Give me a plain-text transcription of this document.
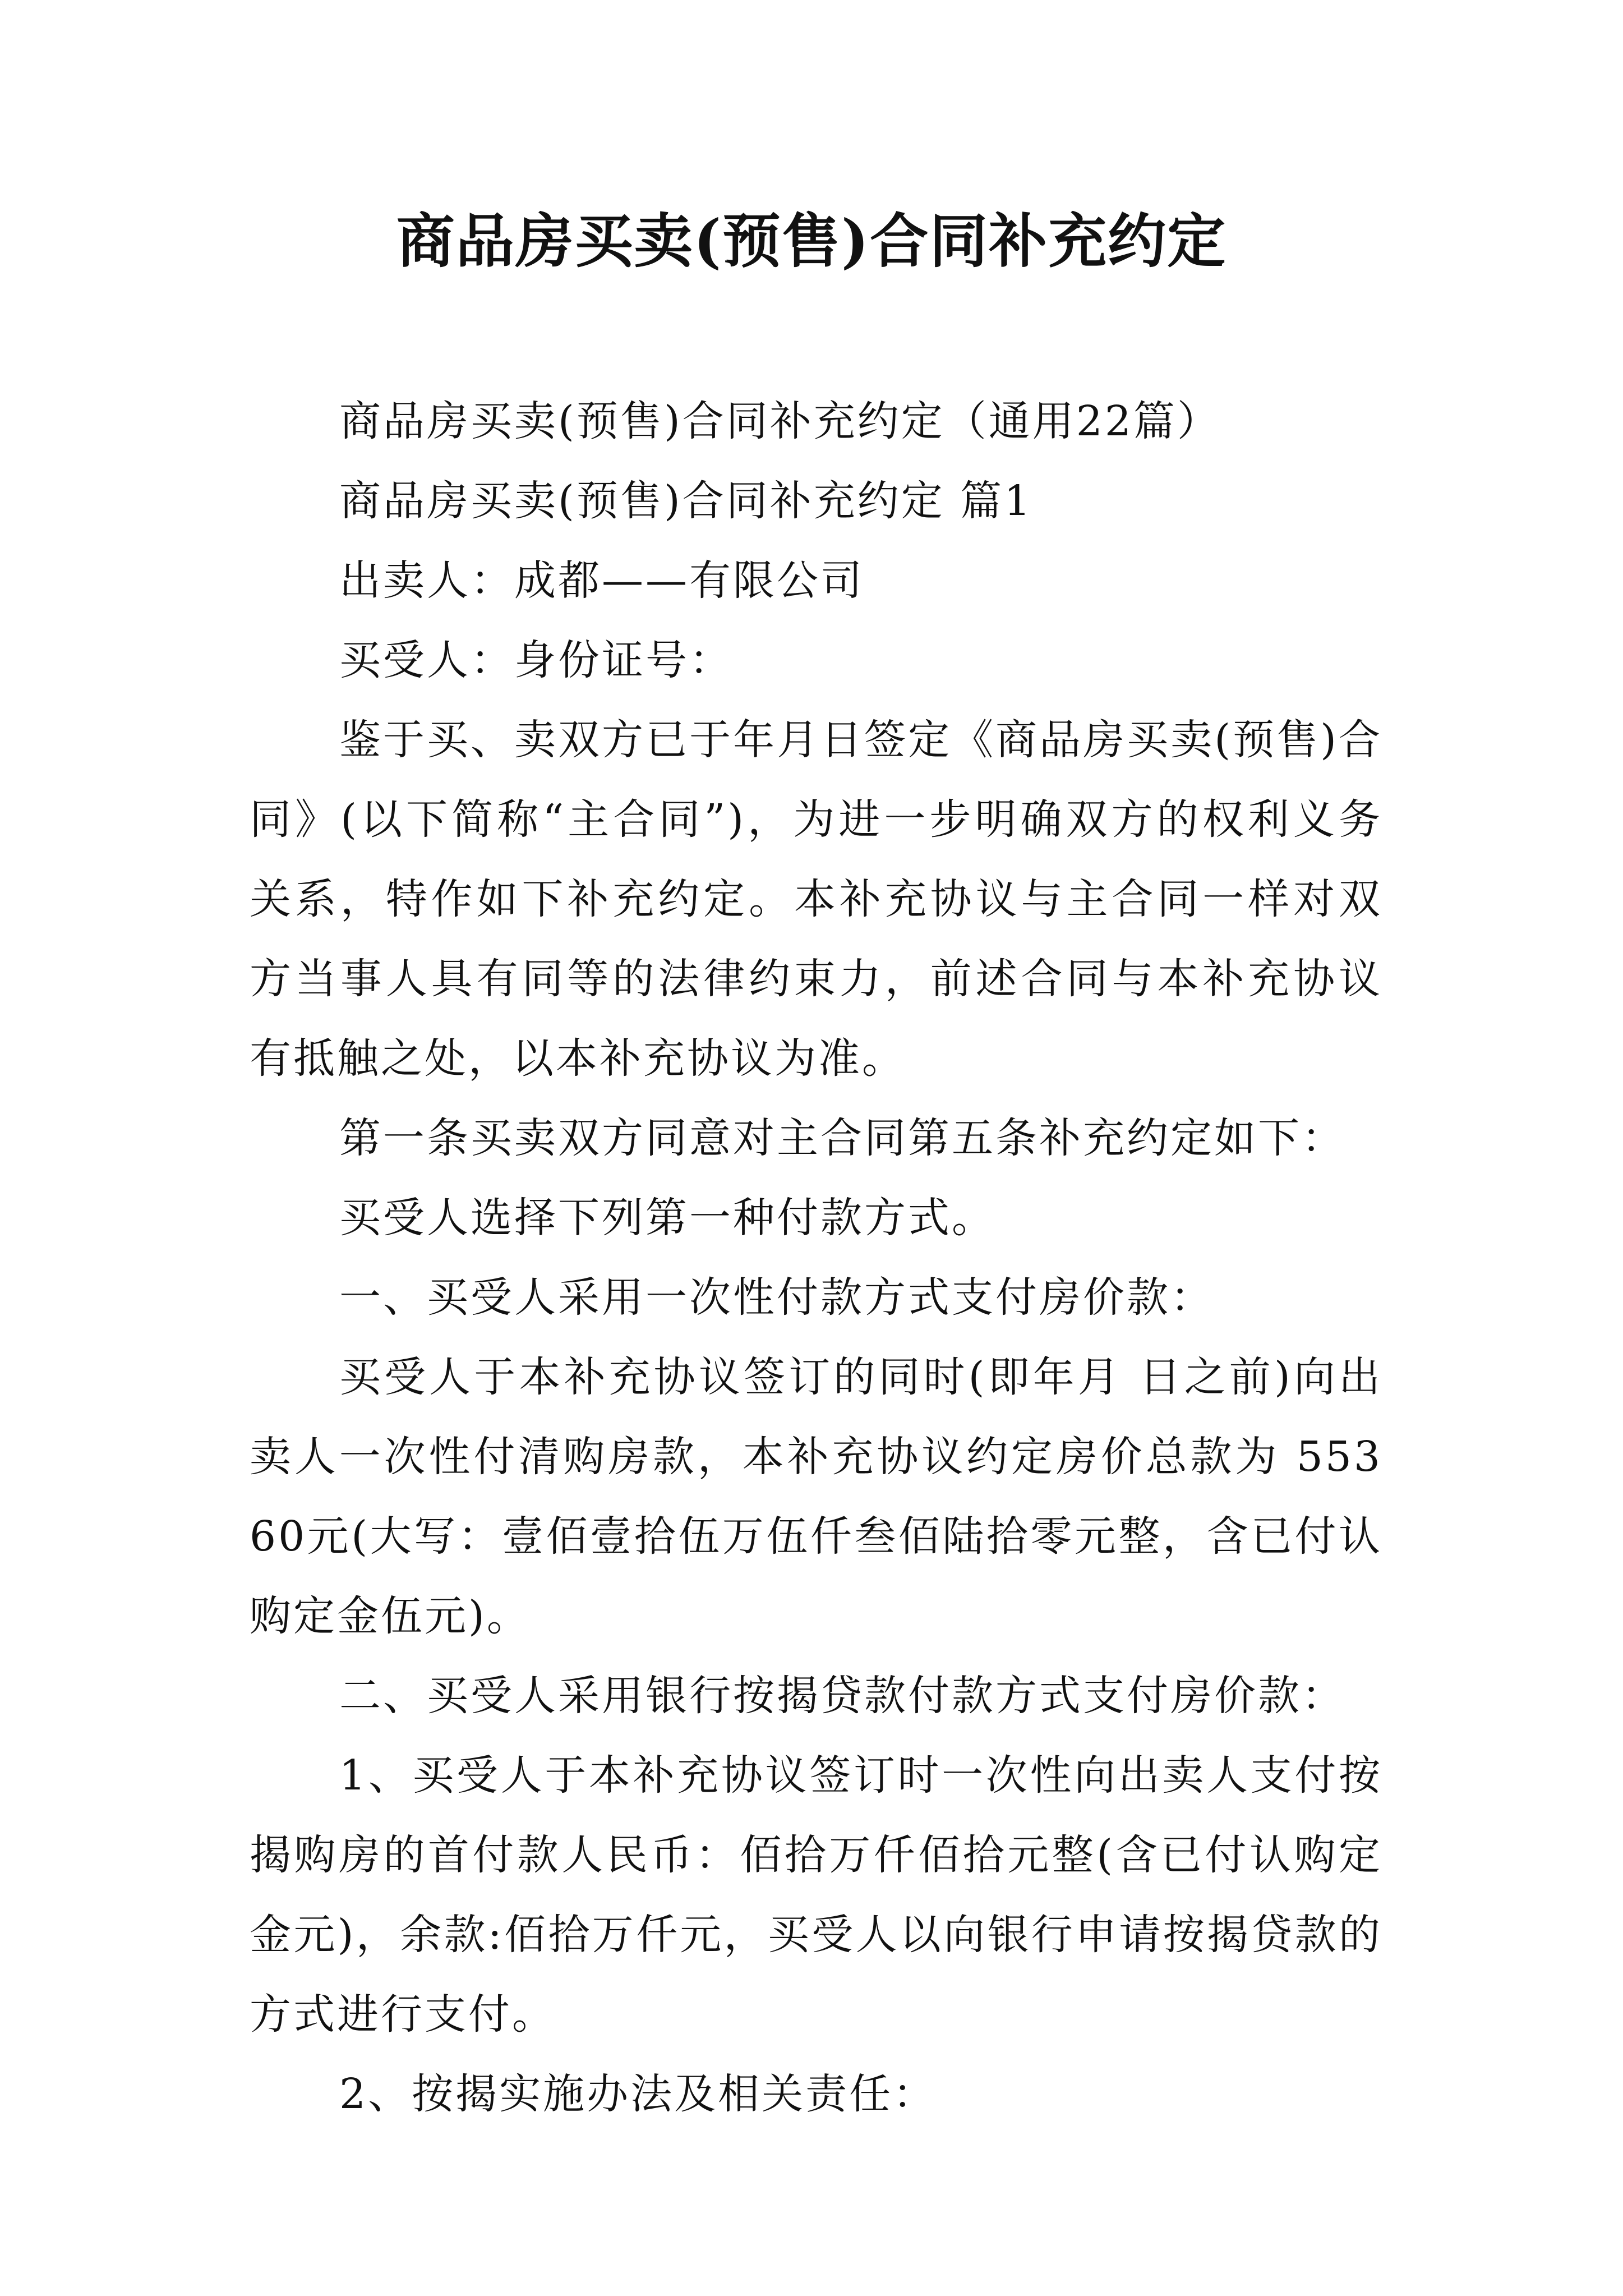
商品房买卖(预售)合同补充约定

商品房买卖(预售)合同补充约定（通用22篇）

商品房买卖(预售)合同补充约定 篇1

出卖人：成都——有限公司

买受人：身份证号：

鉴于买、卖双方已于年月日签定《商品房买卖(预售)合同》(以下简称“主合同”)，为进一步明确双方的权利义务关系，特作如下补充约定。本补充协议与主合同一样对双方当事人具有同等的法律约束力，前述合同与本补充协议有抵触之处，以本补充协议为准。

第一条买卖双方同意对主合同第五条补充约定如下：

买受人选择下列第一种付款方式。

一、买受人采用一次性付款方式支付房价款：

买受人于本补充协议签订的同时(即年月 日之前)向出卖人一次性付清购房款，本补充协议约定房价总款为 55360元(大写：壹佰壹拾伍万伍仟叁佰陆拾零元整，含已付认购定金伍元)。

二、买受人采用银行按揭贷款付款方式支付房价款：

1、买受人于本补充协议签订时一次性向出卖人支付按揭购房的首付款人民币：佰拾万仟佰拾元整(含已付认购定金元)，余款:佰拾万仟元，买受人以向银行申请按揭贷款的方式进行支付。

2、按揭实施办法及相关责任：
